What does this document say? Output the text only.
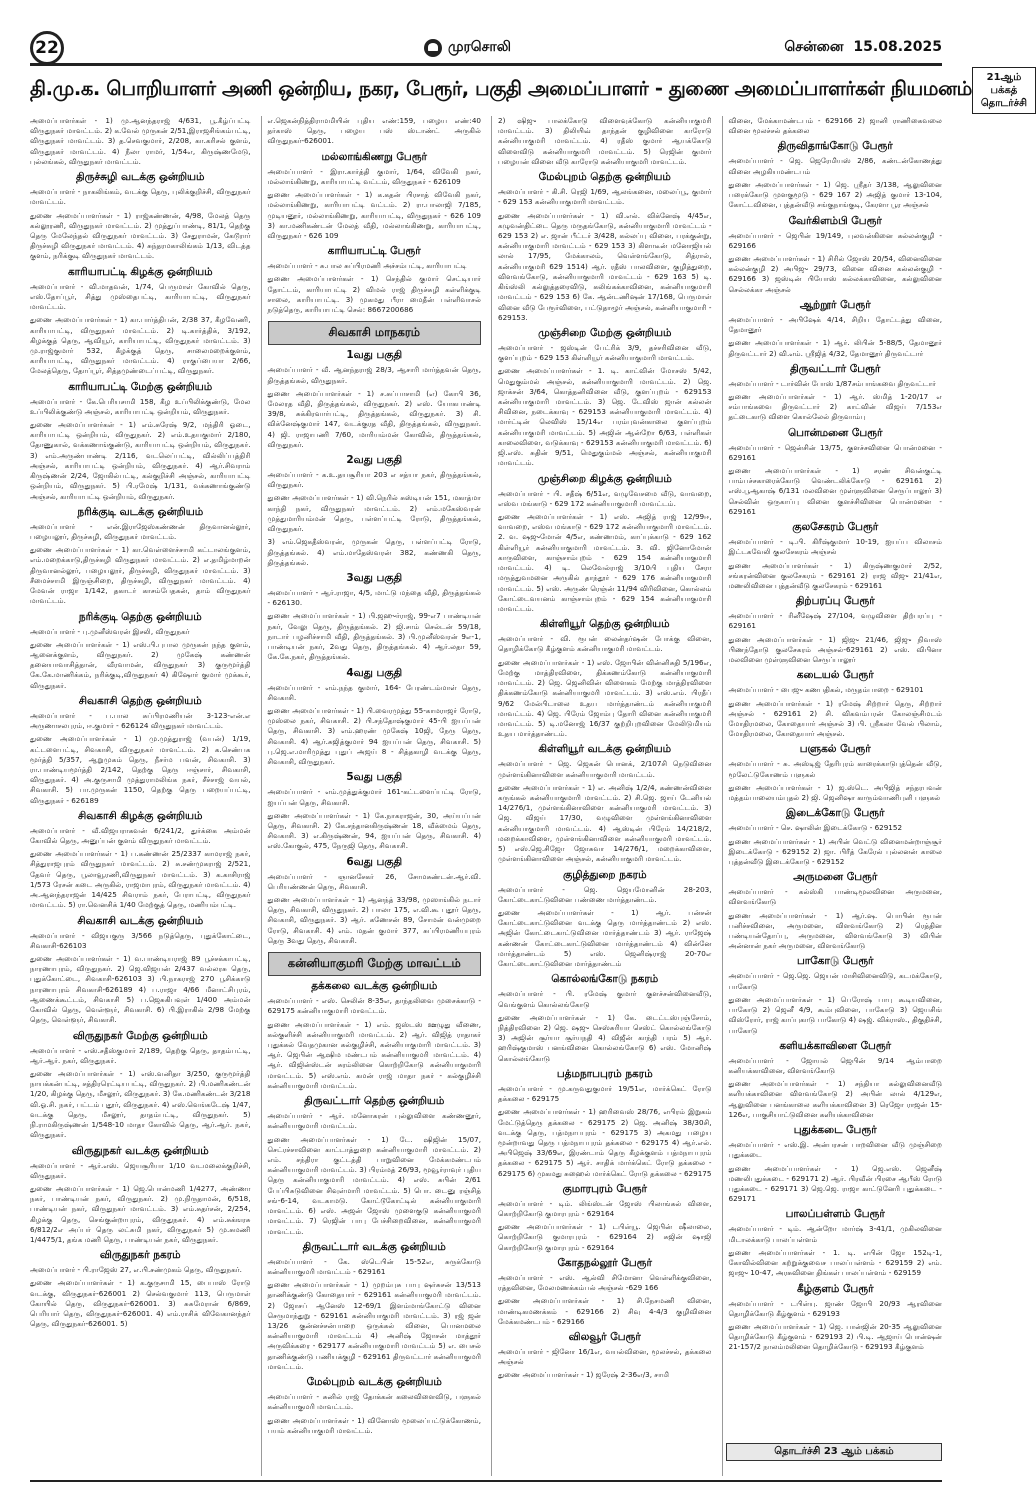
22	முரசொலி	சென்னை 15.08.2025
தி.மு.க. பொறியாளர் அணி ஒன்றிய, நகர, பேரூர், பகுதி அமைப்பாளர் - துணை அமைப்பாளர்கள் நியமனம்	21ஆம் பக்கத் தொடர்ச்சி

அமைப்பாளர்கள் - 1) மு.ஆனந்தராஜ் 4/631, பூ.கீழ்ப்பட்டி விருதுநகர் மாவட்டம். 2) க.வேல் முருகன் 2/51,இராஜசிங்கம்பட்டி, விருதுநகர் மாவட்டம். 3) த.செவகுமார், 2/208, கா.கரிசல் குளம், விருதுநகர் மாவட்டம். 4) நீலா ராமர், 1/54எ, கிருஷ்ணமேடு, புல்லங்கல், விருதுநகர் மாவட்டம்.

திருச்சுழி வடக்கு ஒன்றியம்

அமைப்பாளர் - நாகலிங்கம், வடக்கு தெரு, புலிக்குறிச்சி, விருதுநகர் மாவட்டம்.

துணை அமைப்பாளர்கள் - 1) ராஜ்கண்ணன், 4/98, மேலத் தெரு கல்லூரணி, விருதுநகர் மாவட்டம். 2) முத்துப்பாண்டி, 81/1, தெற்கு தெரு மேலேந்தல் விருதுநகர் மாவட்டம். 3) சேதுராமன், கேடூரார் திருச்சுழி விருதுநகர் மாவட்டம். 4) சுந்தரமகாலிங்கம் 1/13, விடத்த குளம், நரிக்குடி விருதுநகர் மாவட்டம்.

காரியாபட்டி கிழக்கு ஒன்றியம்

அமைப்பாளர் - வி.மாதவன், 1/74, பெருமாள் கோவில் தெரு, எஸ்.தோப்பூர், சித்து முஸ்தைபட்டி, காரியாபட்டி, விருதுநகர் மாவட்டம்.

துணை அமைப்பாளர்கள் - 1) கா.பார்த்திபன், 2/38 37, கீழவேணி, காரியாபட்டி, விருதுநகர் மாவட்டம். 2) டி.கார்த்திக், 3/192, கிழக்குத் தெரு, ஆவியூர், காரியாபட்டி, விருதுநகர் மாவட்டம். 3) மு.ராஜ்குமார் 532, கீழக்குத் தெரு, சாலைமறைக்குளம், காரியாபட்டி, விருதுநகர் மாவட்டம். 4) ராகுப்பையா 2/66, மேலத்தெரு, தோப்பூர், சித்தமுண்டைப்பட்டி, விருதுநகர்.

காரியாபட்டி மேற்கு ஒன்றியம்

அமைப்பாளர் - கே.பெரியசாமி 158, கீழ உப்பிலிக்குண்டு, மேல உப்பிலிக்குண்டு அஞ்சல், காரியாபட்டி ஒன்றியம், விருதுநகர்.

துணை அமைப்பாளர்கள் - 1) எம்.சுரேஷ் 9/2, மந்திரி ஓடை, காரியாபட்டி ஒன்றியம், விருதுநகர். 2) எம்.உதயகுமார் 2/180, தோணுகால், வக்கணாங்குண்டு, காரியாபட்டி ஒன்றியம், விருதுநகர். 3) எம்.அருண்பாண்டி 2/116, வடலெப்பட்டி, வில்லிப்பத்திரி அஞ்சல், காரியாபட்டி ஒன்றியம், விருதுநகர். 4) ஆர்.சிவராம் கிருஷ்ணன் 2/24, ஜோகில்பட்டி, கல்குறிச்சி அஞ்சல், காரியாபட்டி ஒன்றியம், விருதுநகர். 5) பி.ரமேஷ் 1/131, வக்கணாங்குண்டு அஞ்சல், காரியாபட்டி ஒன்றியம், விருதுநகர்.

நரிக்குடி வடக்கு ஒன்றியம்

அமைப்பாளர் - என்.இராஜேஸ்கண்ணன் திருவானல்லூர், பழையலூர், திருச்சுழி, விருதுநகர் மாவட்டம்.

துணை அமைப்பாளர்கள் - 1) கா.வெள்ளைச்சாமி கட்டாலங்குளம், எம்.மறைக்காடு,திருச்சுழி விருதுநகர் மாவட்டம். 2) எ.தமிழ்மாறன் திருவானல்லூர், பழையலூர், திருச்சுழி, விருதுநகர் மாவட்டம். 3) சீமைச்சாமி இருஞ்சிறை, திருச்சுழி, விருதுநகர் மாவட்டம். 4) மேவன் ராஜா 1/142, தகாடர் காசம்பேதகன், தாம் விருதுநகர் மாவட்டம்.

நரிக்குடி தெற்கு ஒன்றியம்

அமைப்பாளர் - பு.முனீஸ்வரன் இசலி, விருதுநகர்

துணை அமைப்பாளர்கள் - 1) எஸ்.பி.புபால முருகன் நந்த குளம், ஆனைக்குளம், விருதுநகர். 2) முகேஷ் கண்ணன் தனையாவாசித்தான், வீரவாமன், விருதுநகர் 3) குருமூர்த்தி கே.கே.மாணிக்கம், நரிக்குடி,விருதுநகர் 4) கிஷோர் குமார் முக்கூர், விருதுநகர்.

சிவகாசி தெற்கு ஒன்றியம்

அமைப்பாளர் - ப.பால சுப்பிரமணியன் 3-123-என்.எ அருணாசலபுரம், ஈ.குமார் - 626124 விருதுநகர் மாவட்டம்.

துணை அமைப்பாளர்கள் - 1) மு.முத்துராஜ் (வபன்) 1/19, கட்டளைபட்டி, சிவகாசி, விருதுநகர் மாவட்டம். 2) க.செண்பக மூர்த்தி 5/357, ஆறுமுகம் தெரு, நீசர்ம பவன், சிவகாசி. 3) ரா.பாண்டியமூர்த்தி 2/142, தெற்கு தெரு ஈஞ்சார், சிவகாசி, விருதுநகர். 4) அ.குருசாமி முத்துராமலிங்க நகர், சீச்சாஜ் வயல், சிவகாசி. 5) பா.முருகன் 1150, தெற்கு தெரு பறையப்பட்டி, விருதுநகர் - 626189

சிவகாசி கிழக்கு ஒன்றியம்

அமைப்பாளர் - வீ.விஜயராகவன் 6/241/2, துர்க்கை அம்மன் கோவில் தெரு, அனுப்பன் குளம் விருதுநகர் மாவட்டம்.

துணை அமைப்பாளர்கள் - 1) ப.கண்ணன் 25/2337 காமராஜ் நகர், சித்துராஜபுரம் விருதுநகர் மாவட்டம். 2) சு.சண்முகராஜ் 2/521, தேவர் தெரு, பூலாவூரணி,விருதுநகர் மாவட்டம். 3) க.காசிராஜ் 1/573 ரேசன் கடை அருகில், ராஜமாபுரம், விருதுநகர் மாவட்டம். 4) அ.ஆனந்தராஜன் 14/425 சிவராம் நகர், பேராபட்டி, விருதுநகர் மாவட்டம். 5) ரா.வெனசிக் 1/40 மேற்குத் தெரு, மணியம்பட்டி.

சிவகாசி வடக்கு ஒன்றியம்

அமைப்பாளர் - விஜயகுரு 3/566 நடுத்தெரு, புதுக்கோட்டை, சிவகாசி-626103

துணை அமைப்பாளர்கள் - 1) வ.பாண்டியராஜ் 89 பூச்சக்காபட்டி, நாரணாபுரம், விருதுநகர். 2) ஜெ.விஜயன் 2/437 வல்லரசு தெரு, புதுக்கோட்டை, சிவகாசி-626103 3) பி.நாகராஜ் 270 பூசிக்காடு நாரணாபுரம் சிவகாசி-626189 4) ப.ராஜா 4/66 மீனாட்சிபுரம், ஆணைக்கூட்டம், சிவகாசி 5) ப.ஜெசுகிபவுள் 1/400 அம்மன் கோவில் தெரு, வெள்ளூர், சிவகாசி. 6) பி.இராகில் 2/98 மேற்கு தெரு, வெள்ளூர், சிவகாசி.

விருதுநகர் மேற்கு ஒன்றியம்

அமைப்பாளர் - எஸ்.சதீஸ்குமார் 2/189, தெற்கு தெரு, தாதம்பட்டி, ஆர்.ஆர். நகர், விருதுநகர்.

துணை அமைப்பாளர்கள் - 1) எஸ்.வனிதா 3/250, குருமூர்த்தி நாயக்கன்பட்டி, சத்திரரெட்டியபட்டி, விருதுநகர். 2) பி.மணிகண்டன் 1/20, கிழக்கு தெரு, மீசலூர், விருதுநகர். 3) கே.மணிகண்டன் 3/218 வி.ஓ.சி. நகர், பட்டம் புதூர், விருதுநகர். 4) எஸ்.வெங்கடேஷ் 1/47, வடக்கு தெரு, மீசலூர், தாதம்பட்டி, விருதுநகர். 5) நி.ராமகிருஷ்ணன் 1/548-10 மாதா கோவில் தெரு, ஆர்.ஆர். நகர், விருதுநகர்.

விருதுநகர் வடக்கு ஒன்றியம்

அமைப்பாளர் - ஆர்.எஸ். ஜெயசூரியா 1/10 வடமலைக்குறிச்சி, விருதுநகர்.

துணை அமைப்பாளர்கள் - 1) ஜெ.பொன்மணி 1/4277, அண்ணா நகர், பாண்டியன் நகர், விருதுநகர். 2) மு.நிருதாமன், 6/518, பாண்டியன் நகர், விருதுநகர் மாவட்டம். 3) எம்.சுதர்சன், 2/254, கிழக்கு தெரு, செங்குன்றாபுரம், விருதுநகர். 4) எம்.சுக்ஙரசு 6/812/2எ அப்பர் தெரு லட்சுமி நகர், விருதுநகர் 5) மு.சுமணி 1/4475/1, தங்க மணி தெரு, பாண்டியன் நகர், விருதுநகர்.

விருதுநகர் நகரம்

அமைப்பாளர் - பி.ராஜேஸ் 27, எ.பி.சண்முகம் தெரு, விருதுநகர்.

துணை அமைப்பாளர்கள் - 1) க.குருசாமி 15, பைபாஸ் ரோடு வடக்கு, விருதுநகர்-626001 2) செல்வகுமார் 113, பெருமாள் கோயில் தெரு, விருதுநகர்-626001. 3) சுசுமேரான் 6/869, பெரியார் தெரு, விருதுநகர்-626001. 4) எம்.ராசிக் விவேகானந்தர் தெரு, விருதுநகர்-626001. 5)

எ.ஜெகன்நித்திராமமியின் புதிய எண்:159, பழைய எண்:40 தர்காஸ் தெரு, பழைய பஸ் ஸ்டாண்ட் அருகில் விருதுநகர்-626001.

மல்லாங்கிணறு பேரூர்

அமைப்பாளர் - இரா.கார்த்தி குமார், 1/64, விவேகி நகர், மல்லாங்கிணறு, காரியாபட்டி வட்டம், விருதுநகர் - 626109

துணை அமைப்பாளர்கள் - 1) க.கதன் பிரசாத் விவேகி நகர், மல்லாங்கிணறு, காரியாபட்டி வட்டம். 2) ரா.பாலாஜி 7/185, முடியனூர், மல்லாங்கிணறு, காரியாபட்டி, விருதுநகர் - 626 109 3) கா.மணிகண்டன் மேலத் வீதி, மல்லாங்கிணறு, காரியாபட்டி, விருதுநகர் - 626 109

காரியாபட்டி பேரூர்

அமைப்பாளர் - சு.பால சுப்பிரமணி அச்சம்பட்டி, காரியாபட்டி

துணை அமைப்பாளர்கள் - 1) செந்தில் குமார் செட்டியார் தோட்டம், காரியாபட்டி 2) விமல் ராஜ் திருச்சுழி கள்ளிக்குடி சாலை, காரியாபட்டி. 3) முகமது பீரா மைதீன் பள்ளிவாசல் நடுத்தெரு, காரியாபட்டி செல்: 8667200686

சிவகாசி மாநகரம்
1வது பகுதி

அமைப்பாளர் - வீ. ஆனந்தராஜ் 28/3, ஆசாரி மார்த்தவன் தெரு, திருத்தங்கல், விருதுநகர்.

துணை அமைப்பாளர்கள் - 1) ச.சுப்பாசாமி (எ) கோபி 36, மேலரத வீதி, திருத்தங்கல், விருதுநகர். 2) எஸ். யோகபாண்டி 39/8, சுக்கிரவார்பட்டி, திருத்தங்கல், விருதுநகர். 3) சி. விக்னேஷ்குமார் 147, வடக்குரத வீதி, திருத்தங்கல், விருதுநகர். 4) ஜி. ராஜாபணி 7/60, மாரியம்மன் கோவில், திருத்தங்கல், விருதுநகர்.

2வது பகுதி

அமைப்பாளர் - க.உ.தயசூரியா 203 எ சத்யா நகர், திருத்தங்கல், விருதுநகர்.

துணை அமைப்பாளர்கள் - 1) வி.நெரில் சுஸ்டியன் 151, மகாத்மா காந்தி நகர், விருதுநகர் மாவட்டம். 2) எம்.மகேஸ்வரன் முத்துமாரியம்மன் தெரு, பள்ளப்பட்டி ரோடு, திருத்தங்கல், விருதுநகர்.

3) எம்.ஜெகதீஸ்வரன், முருகன் தெரு, பள்ளப்பட்டி ரோடு, திருத்தங்கல். 4) எம்.மாதேஸ்வரன் 382, கண்ணகி தெரு, திருத்தங்கல்.

3வது பகுதி

அமைப்பாளர் - ஆர்.ராஜா, 4/5, மாட்டு மந்தை வீதி, திருத்தங்கல் - 626130.

துணை அமைப்பாளர்கள் - 1) பி.ஜஹுர்ராஜ், 99-எ7 பாண்டியன் நகர், வேலு தெரு, திருத்தங்கல். 2) ஜி.சாம் செல்டன் 59/18, நாடார் பழனிச்சாமி வீதி, திருத்தங்கல். 3) பி.முனீஸ்வரன் 9எ-1, பாண்டியன் நகர், 2வது தெரு, திருத்தங்கல். 4) ஆர்.லதா 59, கே.கே.நகர், திருத்தங்கல்.

4வது பகுதி

அமைப்பாளர் - எம்.நந்த குமார், 164- பேரண்டம்மாள் தெரு, சிவகாசி.

துணை அமைப்பாளர்கள் - 1) பி.வைரமுத்து 55-காமராஜர் ரோடு, முஸ்லை நகர், சிவகாசி. 2) பி.சந்தோஷ்குமார் 45-பி ஐயப்பன் தெரு, சிவகாசி. 3) எம்.ஹரண் முகேஷ் 10ஜி, நேரு தெரு, சிவகாசி. 4) ஆர்.சுஜித்குமார் 94 ஐயப்பன் தெரு, சிவகாசி. 5) பு.ஜெ.எ.மாரிமுத்து புதுப் அஜய் 8 - சித்தகாழி வடக்கு தெரு, சிவகாசி, விருதுநகர்.

5வது பகுதி

அமைப்பாளர் - எம்.முத்துக்குமார் 161-கட்டளைப்பட்டி ரோடு, ஐயப்பன் தெரு, சிவகாசி.

துணை அமைப்பாளர்கள் - 1) கே.நாகராஜன், 30, அய்யப்பன் தெரு, சிவகாசி. 2) கே.சந்தானகிருஷ்ணன் 18, வீக்மைம் தெரு, சிவகாசி. 3) எ.கிருஷ்ணன், 94, ஐயப்பன் தெரு, சிவகாசி. 4) எஸ்.கோகுல், 475, நேருஜி தெரு, சிவகாசி.

6வது பகுதி

அமைப்பாளர் - ஞானசேகர் 26, சோமசுண்டன்.ஆர்.வி. பெரியண்ணன் தெரு, சிவகாசி.

துணை அமைப்பாளர்கள் - 1) ஆனந்த் 33/98, முஸாங்கில் நடார் தெரு, சிவகாசி, விருதுநகர். 2) பாலா 175, எ.வி.கூ புதூர் தெரு, சிவகாசி, விருதுநகர். 3) ஆர். கணேசன் 89, சோமன் வன்முறை ரோடு, சிவகாசி. 4) எம். மதன் குமார் 377, சுப்பிரமணியபுரம் தெரு 3வது தெரு, சிவகாசி.

கன்னியாகுமரி மேற்கு மாவட்டம்
தக்கலை வடக்கு ஒன்றியம்

அமைப்பாளர் - எஸ். செலின் 8-35எ, தாந்தலிவை முசைக்காடு - 629175 கன்னியாகுமாரி மாவட்டம்.

துணை அமைப்பாளர்கள் - 1) எம். ஜஸ்டஸ் ஊழுது வீணை, கல்குளிச்சி கன்னியாகுமரி மாவட்டம். 2) ஆர். விஜித் ராதாகர் புதுக்கல் வேதமுகான கல்குழிச்சி, கன்னியாகுமாரி மாவட்டம். 3) ஆர். ஜெபின் ஆஷிம மண்டபம் கன்னியாகுமரி மாவட்டம். 4) ஆர். விஜின்ஸ்டன் சுரம்லினை கொற்றிகோடு கன்னியாகுமாரி மாவட்டம். 5) எஸ்.எம். கமன் ராஜ் மாதா நகர் - கல்குழிச்சி கன்னியாகுமாரி மாவட்டம்.

திருவட்டார் தெற்கு ஒன்றியம்

அமைப்பாளர் - ஆர். மனோகரன் புல்லுவிளை கண்ணனூர், கன்னியாகுமாரி மாவட்டம்.

துணை அமைப்பாளர்கள் - 1) டே. ஷிஜின் 15/07, செட்ரச்சாவினை காட்டாத்துறை கன்னியாகுமாரி மாவட்டம். 2) எம். சந்திரா குட்டத்தி பாறுவினை மேக்கமண்டபம் கன்னியாகுமாரி மாவட்டம். 3) பிரம்மத் 26/93, மூவூர்ராவுர் புதிய தெரு கன்னியாகுமாரி மாவட்டம். 4) எஸ். சுபின் 2/61 பேப்பிசுடுவினை சிவுள்மாரி மாவட்டம். 5) பொ. டைனு ரஞ்சித் சங்-6-14, வடகாமடு. கோட்டூகோட்டில் கன்னியாகுமாரி மாவட்டம். 6) எஸ். அஜன் ஜோஸ் முளைகுடு கன்னியாகுமரி மாவட்டம். 7) ரெஜின் பாபு பேச்சிறைவினை, கன்னியாகுமரி மாவட்டம்.

திருவட்டார் வடக்கு ஒன்றியம்

அமைப்பாளர் - கே. ஸ்டெபின் 15-52எ, சுருக்கோடு கன்னியாகுமரி மாவட்டம் - 629161

துணை அமைப்பாளர்கள் - 1) முறம்புசு பாபு ஷர்சுசன் 13/513 தாணிக்குண்டு கோதையார் - 629161 கன்னியாகுமரி மாவட்டம். 2) ஜோசப் ஆனேஸ் 12-69/1 இளம்மாங்கோட்டு வினை செருமாந்துறு - 629161 கன்னியாகுமரி மாவட்டம். 3) ரஜ் ஜன் 13/26 குன்னச்சன்பாறை ஒருக்கல் வினை, பொனமலை கன்னியாகுமாரி மாவட்டம் 4) அனிஷ் ஜோசன் மாத்தூர் அருவிக்கரை - 629177 கன்னியாகுமாரி மாவட்டம் 5) எ. பைசல் தாணிக்குண்டு பணியக்குழி - 629161 திருவட்டார் கன்னியாகுமரி மாவட்டம்.

மேல்புறம் வடக்கு ஒன்றியம்

அமைப்பாளர் - சுனில் ராஜ் தோக்கன் கலைவிளைவிடு, பளுகல் கன்னியாகுமரி மாவட்டம்.

துணை அமைப்பாளர்கள் - 1) வினோஸ் மூலைப்பட்டுக்கோணம், பயம் கன்னியாகுமரி மாவட்டம்.

2) ஷிஜு பாலக்கோடு விளைவுக்கோடு கன்னியாகுமரி மாவட்டம். 3) திலியிவ் தாந்தன் குழிவினை காரோடு கன்னியாகுமரி மாவட்டம். 4) ரதீஸ் குமார் ஆயக்கோடு விளைவிடு கன்னியாகுமரி மாவட்டம். 5) ரெஜின் குமார் பழையன் வினை வீடு காரோடு கன்னியாகுமரி மாவட்டம்.

மேல்புறம் தெற்கு ஒன்றியம்

அமைப்பாளர் - கி.சி. ரெஜி 1/69, ஆலங்கனை, மலைப்பூ, குமார் - 629 153 கன்னியாகுமாரி மாவட்டம்.

துணை அமைப்பாளர்கள் - 1) வி.எல். விக்னேஷ் 4/45எ, கழுவன்திட்டை தெரு மருதங்கோடு, கன்னியாகுமாரி மாவட்டம் - 629 153 2) எ. ஜான் பீட்டர் 3/428, கல்லப்பு வினை, பரக்குன்று, கன்னியாகுமாரி மாவட்டம் - 629 153 3) கிளாடீன் மனோஜியல் லால் 17/95, மேக்காலம், வெள்ளங்கோடு, சித்ரால், கன்னியாகுமரி 629 1514) ஆர். ரதீஸ் பாலவிளை, குழித்துறை, விளவங்கோடு, கன்னியாகுமாரி மாவட்டம் - 629 163 5) டி. கிங்ஸ்லி கல்லுத்தரைவிடு, கலிங்கக்காவினை, கன்னியாகுமாரி மாவட்டம் - 629 153 6) கே. ஆன்டணிஷன் 17/168, பெருமாள் வினை வீடு பேரூர்விளை, பட்டுதாழூர் அஞ்சல், கன்னியாகுமாரி - 629153.

முஞ்சிறை மேற்கு ஒன்றியம்

அமைப்பாளர் - ஜஸ்டின் பேட்ரிக் 3/9, தச்சரிவினை வீடு, குளப்புறம் - 629 153 கிள்ளியூர் கன்னியாகுமாரி மாவட்டம்.

துணை அமைப்பாளர்கள் - 1. டி. காட்வின் மோசஸ் 5/42, மெதுகும்மல் அஞ்சல், கன்னியாகுமாரி மாவட்டம். 2) ஜெ. ஜாக்சன் 3/64, கொத்தனிவினை வீடு, குளப்புறம் - 629153 கன்னியாகுமாரி மாவட்டம். 3) ஜெ. டேவிஸ் ஜான் கல்லன் சிவினை, நடைக்காவு - 629153 கன்னியாகுமாரி மாவட்டம். 4) மார்ட்டின் லெவிஸ் 15/14எ பரம்புவன்காலை குளப்புறம் கன்னியாகுமரி மாவட்டம். 5) அஜின் ஆன்றோ 6/63, பள்ளிகள் காலைவிளை, வடுக்காவு - 629153 கன்னியாகுமரி மாவட்டம். 6) ஜி.எஸ். சுதின் 9/51, மெதுகும்மல் அஞ்சல், கன்னியாகுமரி மாவட்டம்.

முஞ்சிறை கிழக்கு ஒன்றியம்

அமைப்பாளர் - பி. சதீஷ் 6/51எ, வழுவேசமை வீடு, வாவறை, எஸ்வ மங்காடு - 629 172 கன்னியாகுமாரி மாவட்டம்.

துணை அமைப்பாளர்கள் - 1) எஸ். அஜித் ராஜ் 12/99ஈ, வாவறை, எஸ்வ மங்காடு - 629 172 கன்னியாகுமாரி மாவட்டம். 2. வ. ஷஜுமோன் 4/5எ, கண்ணமம், காப்புக்காடு - 629 162 கிள்ளியூர் கன்னியாகுமாரி மாவட்டம். 3. வி. ஜினோமோன் காருவிளை, காஞ்சாம்புறம் - 629 154 கன்னியாகுமாரி மாவட்டம். 4) டி. லெவேல்ராஜ் 3/10பி புதிய சேரா மருத்துவமனை அருகில் தாந்தூர் - 629 176 கன்னியாகுமாரி மாவட்டம். 5) எஸ். அருண் ரெஞ்ன் 11/94 விரிவினை, கொல்லம் கோட்டைவயனம் காஞ்சாம்புறம் - 629 154 கன்னியாகுமாரி மாவட்டம்.

கிள்ளியூர் தெற்கு ஒன்றியம்

அமைப்பாளர் - வி. ரூபன் லைன்தர்ஷன் போக்கு வினை, தொழிக்கோடு கீழ்குளம் கன்னியாகுமரி மாவட்டம்.

துணை அமைப்பாளர்கள் - 1) எஸ். ஜோபின் வின்னிசுதி 5/196எ, மேற்கு மாத்திரவிளை, திக்கணம்கோடு கன்னியாகுமாரி மாவட்டம். 2) ஜெ. ஜெனிவின் விளைகம் மேற்கு மாத்திரவிளை திக்கணம்கோடு கன்னியாகுமரி மாவட்டம். 3) எஸ்.எம். பிரதீப் 9/62 மேல்பிடாலை உதய மார்த்தாண்டம் கன்னியாகுமரி மாவட்டம். 4) ஜெ. பிரேம் ஜோம்பு தோரி வினை கன்னியாகுமரி மாவட்டம். 5) டி.மனோஜ் 16/37 குற்றிபுறவினை மேலிடுமியம் உதய மார்த்தாண்டம்.

கிள்ளியூர் வடக்கு ஒன்றியம்

அமைப்பாளர் - ஜெ. ஜெகன் பொனக், 2/107சி நெடுவினை முள்ளங்கினாவிளை கன்னியாகுமாரி மாவட்டம்.

துணை அமைப்பாளர்கள் - 1) எ. அனிஷ் 1/2/4, கண்ணன்வினை கருங்கல் கன்னியாகுமாரி மாவட்டம். 2) சி.ஜெ. ஜாய் டேனியல் 14/276/1, முள்ளங்கினாவிளை கன்னியாகுமரி மாவட்டம். 3) ஜெ. விஜய் 17/30, வழுவிளை முள்ளங்கினாவிளை கன்னியாகுமாரி மாவட்டம். 4) ஆஸ்டின் பிரேம் 14/218/2, மறைக்காவிளை, முள்ளங்கினாவிளை கன்னியாகுமரி மாவட்டம். 5) எஸ்.ஜெ.சிஜோ ஜோசுவா 14/276/1, மறைக்காவிளை, முள்ளங்கினாவிளை அஞ்சல், கன்னியாகுமரி மாவட்டம்.

குழித்துறை நகரம்

அமைப்பாளர் - ஜெ. ஜெயமோனின் 28-203, கோட்டைகாட்டுவினை பண்ணை மார்த்தாண்டம்.

துணை அமைப்பாளர்கள் - 1) ஆர். பன்சன் கோட்டைகாட்டுவினை வடக்கு தெரு மார்த்தாண்டம் 2) எஸ். அஜின் கோட்டைகாட்டுவினை மார்த்தாண்டம் 3) ஆர். ராஜேஷ் கண்ணன் கோட்டைகாட்டுவினை மார்த்தாண்டம் 4) வின்னே மார்த்தாண்டம் 5) எஸ். ஜெனிஷ்ராஜ் 20-70எ கோட்டைகாட்டுவினை மார்த்தாண்டம்

கொல்லங்கோடு நகரம்

அமைப்பாளர் - பி. ரமேஷ் குமார் குளச்சன்வினைவீடு, வெங்குளம் கொல்லங்கோடு

துணை அமைப்பாளர்கள் - 1) கே. டைட்டஸ்புஞ்சோம், நித்திரவினை 2) ஜெ. ஷஜு செஸ்சுரியா செஸ்ட் கொல்லங்கோடு 3) அஜின் சூர்யா சூர்யநதி 4) விஜீன் காந்தி பரம் 5) ஆர். ஹரிஷ்குமாஸ் பனங்வினை கொல்லங்கோடு 6) எஸ். மோனிஷ் கொல்லங்கோடு

பத்மநாபபுரம் நகரம்

அமைப்பாளர் - மு.கருவதுகுமார் 19/51எ, மார்க்கெட் ரோடு தக்கலை - 629175

துணை அமைப்பாளர்கள் - 1) ஹரிவைஸ் 28/76, எபிரம் இறுகம் மேட்டுத்தெரு தக்கலை - 629175 2) ஜெ. அனிஷ் 38/30சி, வடக்கு தெரு, பத்மநாபபுரம் - 629175 3) அகமது பழைய மூன்றாவது தெரு பத்மநாபபுரம் தக்கலை - 629175 4) ஆர்.எல். அபிஜெஷ் 33/69எ, இரண்டாம் தெரு கீழக்குளம் பத்மநாபபுரம் தக்கலை - 629175 5) ஆர். சாதிக் மார்க்கெட் ரோடு தக்கலை - 629175 6) முகமது சுஹைல் மார்க்கெட் ரோடு தக்கலை - 629175

குமாரபுரம் பேரூர்

அமைப்பாளர் - டிம். லிங்ஸ்டன் ஜோஸ் பிலாங்கல் விளை, கொற்றிகோடு குமாரபுரம் - 629164

துணை அமைப்பாளர்கள் - 1) டபிள்யூ. ஜெபின் ஷீலாலை, கொற்றிகோடு குமாரபுரம் - 629164 2) சுஜின் ஷாஜி கொற்றிகோடு குமாரபுரம் - 629164

கோதநல்லூர் பேரூர்

அமைப்பாளர் - எஸ். ஆல்வி சிமோனா வெள்ளிக்குவினை, ரத்தவினை, மேலமணக்கம்பல் அஞ்சல் -629 166

துணை அமைப்பாளர்கள் - 1) சி.நேசமணி வினை, மாண்டிகமணக்கம் - 629166 2) சிவு 4-4/3 குழிவினை மேக்கமண்டபம் - 629166

விலவூர் பேரூர்

அமைப்பாளர் - ஜினோ 16/1எ, வயல்வினை, மூலச்சல், தக்கலை அஞ்சல்

துணை அமைப்பாளர்கள் - 1) ஜரேஷ் 2-36எ/3, சாமி

வினை, மேக்காமண்டபம் - 629166 2) ஜானி ராணிகைவலை வினை மூலச்சல் தக்கலை

திருவிதாங்கோடு பேரூர்

அமைப்பாளர் - ஜெ. ஜெரேமியஸ் 2/86, கண்டன்கோணத்து வினை அழகியமண்டபம்

துணை அமைப்பாளர்கள் - 1) ஜெ. ஸ்ரீதர் 3/138, ஆலுவினை பரைக்கோடு முளகுமூடு - 629 167 2) அஜித் குமார் 13-104, கோட்டவினை, புத்தன்வீடு சங்குநாங்குடி, கேரளா பூர அஞ்சல்

வேர்கிளம்பி பேரூர்

அமைப்பாளர் - ஜெபின் 19/149, புலவன்கினை கல்லன்குழி - 629166

துணை அமைப்பாளர்கள் - 1) சிரில் ஜோஸ் 20/54, வினைவினை கல்லன்குழி 2) அபிஜு 29/73, வினை வினை கல்லன்குழி - 629166 3) ஜஸ்டின் பியோஸ் கல்லக்காவினை, கல்லுவினை செல்லக்கா அஞ்சல்

ஆற்றூர் பேரூர்

அமைப்பாளர் - அபிஷேக் 4/14, சிறிய தோட்டத்து வினை, தேமானூர்

துணை அமைப்பாளர்கள் - 1) ஆர். லிபின் 5-88/5, தேமானூர் திருவட்டார் 2) வி.எம். ஸ்ரீஜித் 4/32, தேமானூர் திருவட்டார்

திருவட்டார் பேரூர்

அமைப்பாளர் - டார்வின் போஸ் 1/87சம்பாங்கவை திருவட்டார்

துணை அமைப்பாளர்கள் - 1) ஆர். ஸ்மித் 1-20/17 எ சம்பாங்கவை திருவட்டார் 2) காட்வின் விஜய் 7/153எ தட்டைகாடு விளை கொல்லேல் திருவாம்பு

பொன்மனை பேரூர்

அமைப்பாளர் - ஜென்சின் 13/75, குளச்சவினை பொன்மனை - 629161

துணை அமைப்பாளர்கள் - 1) சரண் சிவன்குட்டி பாம்பச்சகாரைக்கோடு வெண்டலிக்கோடு - 629161 2) எஸ்.பூஆகாஷ் 6/131 மலவினை முள்ளுவினை செருப்பாலூர் 3) செல்வின் ஒருகாப்பு வினை குளச்சிவினை பொன்மனை - 629161

குலசேகரம் பேரூர்

அமைப்பாளர் - டி.பி. கிரீஷ்குமார் 10-19, ஐயப்ப விலாசம் இட்டகவேலி குலசேகரம் அஞ்சல்

துணை அமைப்பாளர்கள் - 1) கிருஷ்ணகுமார் 2/52, சங்கரன்வினை குலசேகரம் - 629161 2) ராஜ விஜு 21/41எ, மணலிவினை புத்தன்வீடு குலசேகரம் - 629161

திற்பரப்பு பேரூர்

அமைப்பாளர் - ரினீஷேஷ் 27/104, வழுவிளை திற்பரப்பு - 629161

துணை அமைப்பாளர்கள் - 1) ஜிஜு 21/46, ஜிஜு நிவாஸ் பிணந்தோடு குலசேகரம் அஞ்சல்-629161 2) எஸ். விபினா மலவினை முள்ளுவினை செருப்பாலூர்

கடையல் பேரூர்

அமைப்பாளர் - பைஜு கணபதிகல், மருதம்பாறை - 629101

துணை அமைப்பாளர்கள் - 1) ரமேஷ் சிற்றார் தெரு, சிற்றார் அஞ்சல் - 629161 2) சி. விகவம்பரன் கோலஞ்சிமடம் மோதிரமலை, கோதையார் அஞ்சல் 3) பி. ஸ்ரீகலா வேல் பிலாம், மோதிரமலை, கோதையார் அஞ்சல்.

பளுகல் பேரூர்

அமைப்பாளர் - சு. அஸ்டிஜ் தேரிபுரம் காரைக்காடுபுத்தென் வீடு, மூலேட்டுகோணம் பளுகல்

துணை அமைப்பாளர்கள் - 1) ஜ.ஸ்டெ. அபிஜித் சந்தரபவன் மத்தம்பாலையம்புதல் 2) ஜி. ஜெனிஷா காரும்வாணிபுளி பளுகல்

இடைக்கோடு பேரூர்

அமைப்பாளர் - செ. ஷாலின் இடைக்கோடு - 629152

துணை அமைப்பாளர்கள் - 1) அபின் வெட்டு வினைமன்றாஞ்சூர் இடைக்கோடு - 629152 2) ஜா. பிரீத் கேரேல் புல்லனன் காலை புத்தன்வீடு இடைக்கோடு - 629152

அருமனை பேரூர்

அமைப்பாளர் - கல்ஸ்கி பாண்டிமூலவினை அருமனை, விளவங்கோடு

துணை அமைப்பாளர்கள் - 1) ஆர்.ஷ. பொபின் ரூபன் பனிச்சவினை, அருமனை, விளவங்கோடு 2) ரெத்தின பண்டியன்தோப்பு, அருமனை, விளவங்கோடு 3) விபின் அன்னான் நகர் அருமனை, விளவங்கோடு

பாகோடு பேரூர்

அமைப்பாளர் - ஜெ.ஜெ. ஜெயன் மாசிவினைவிடு, கடமக்கோடு, பாகோடு

துணை அமைப்பாளர்கள் - 1) பெரோஷ் பாபு கூடியவினை, பாகோடு 2) ஜெனீ 4/9, கூம்புவினை, பாகோடு 3) ஜெயசிங் விஸ்ரோர், ராஜ் காப்புகாடு பாகோடு 4) ஷஜ். விக்ராஸ்., திகுதிச்சி, பாகோடு

களியக்காவிளை பேரூர்

அமைப்பாளர் - ஜோயல் ஜெபின் 9/14 ஆம்பாறை கனியக்காவினை, விளவங்கோடு

துணை அமைப்பாளர்கள் - 1) சந்தியா கல்லுவினைவீடு களியக்காவினை விளவங்கோடு 2) அபின் லால் 4/129எ, ஆலுவினை பனங்காலை களியக்காவினை 3) ரெஜோ ராஜன் 15-126எ, பாகுசியாட்டுவினை களியக்காவினை

புதுக்கடை பேரூர்

அமைப்பாளர் - எஸ்.இ. அன்பரசன் பாறவினை வீடு முஞ்சிறை புதுக்கடை

துணை அமைப்பாளர்கள் - 1) ஜெ.எஸ். ஜெனீஷ் மணலிபுதுக்கடை - 629171 2) ஆர். பிரவீன் பிரசை ஆபீஸ் ரோடு புதுக்கடை - 629171 3) ஜெ.ஜெ. ராஜா காட்டுனேரி புதுக்கடை - 629171

பாலப்பள்ளம் பேரூர்

அமைப்பாளர் - டிம். ஆன்றோ மார்ஷ் 3-41/1, முகிலவினை மிடாலக்காடு பாலப்பள்ளம்

துணை அமைப்பாளர்கள் - 1. டி. எபின் ஜோ 152டி-1, கோவில்வினை கற்றுக்குவைச பாலப்பள்ளம் - 629159 2) எம். ஜாஜு 10-47, அரசுவினை திங்கள் பாலப்பள்ளம் - 629159

கீழ்குளம் பேரூர்

அமைப்பாளர் - டபிள்யு. ஜாண் ஜோபி 20/93 ஆரவினை தொழிக்கோடு கீழ்குளம் - 629193

துணை அமைப்பாளர்கள் - 1) ஜெ. பான்ஜின் 20-35 ஆலுவினை தொழிக்கோடு கீழ்குளம் - 629193 2) பி.டி. ஆஜாய் பொன்ஷன் 21-157/2 நாலம்மலினை தொழிக்கோடு - 629193 கீழ்குளம்

தொடர்ச்சி 23 ஆம் பக்கம்
